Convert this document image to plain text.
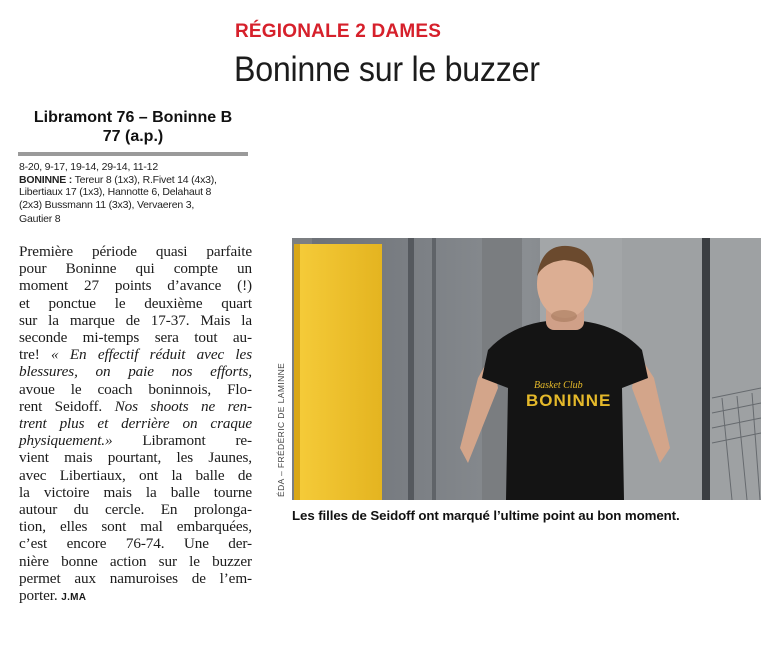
RÉGIONALE 2 DAMES
Boninne sur le buzzer
Libramont 76 – Boninne B
77 (a.p.)
8-20, 9-17, 19-14, 29-14, 11-12
BONINNE : Tereur 8 (1x3), R.Fivet 14 (4x3),
Libertiaux 17 (1x3), Hannotte 6, Delahaut 8
(2x3) Bussmann 11 (3x3), Vervaeren 3,
Gautier 8
Première période quasi parfaite
pour Boninne qui compte un
moment 27 points d’avance (!)
et ponctue le deuxième quart
sur la marque de 17-37. Mais la
seconde mi-temps sera tout au-
tre! « En effectif réduit avec les
blessures, on paie nos efforts,
avoue le coach boninnois, Flo-
rent Seidoff. Nos shoots ne ren-
trent plus et derrière on craque
physiquement.» Libramont re-
vient mais pourtant, les Jaunes,
avec Libertiaux, ont la balle de
la victoire mais la balle tourne
autour du cercle. En prolonga-
tion, elles sont mal embarquées,
c’est encore 76-74. Une der-
nière bonne action sur le buzzer
permet aux namuroises de l’em-
porter. J.MA
ÉDA – FRÉDÉRIC DE LAMINNE	Basket Club
BONINNE
Les filles de Seidoff ont marqué l’ultime point au bon moment.
